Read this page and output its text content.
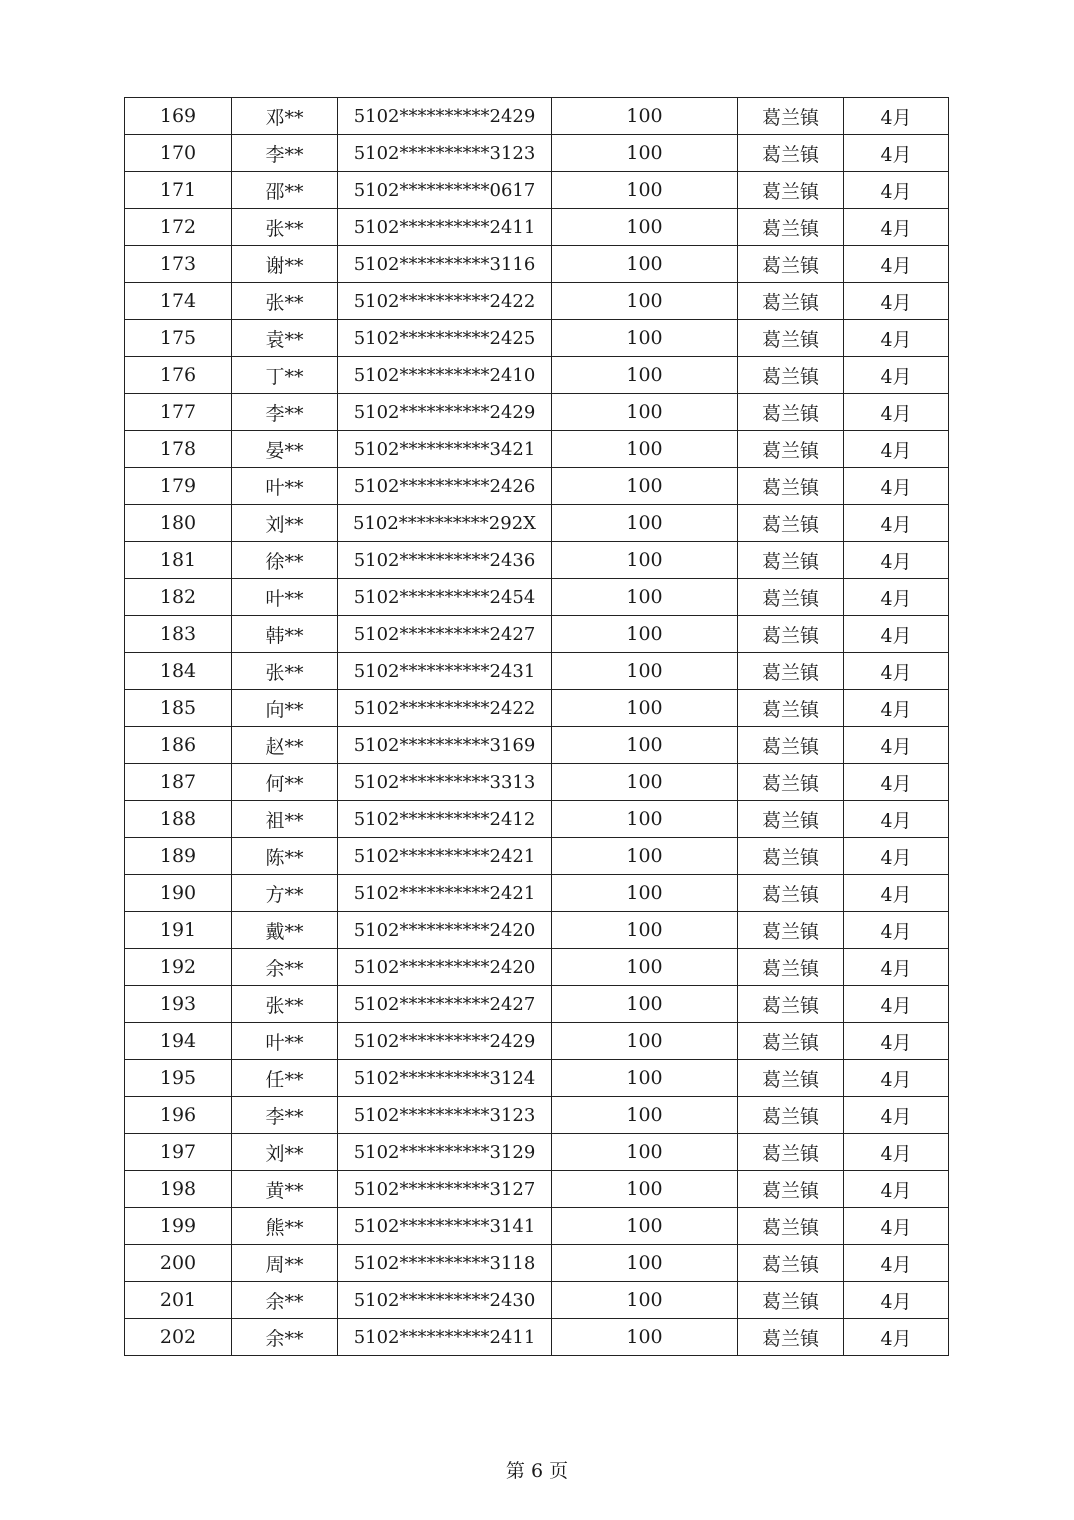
169	邓**	5102**********2429	100	葛兰镇	4月
170	李**	5102**********3123	100	葛兰镇	4月
171	邵**	5102**********0617	100	葛兰镇	4月
172	张**	5102**********2411	100	葛兰镇	4月
173	谢**	5102**********3116	100	葛兰镇	4月
174	张**	5102**********2422	100	葛兰镇	4月
175	袁**	5102**********2425	100	葛兰镇	4月
176	丁**	5102**********2410	100	葛兰镇	4月
177	李**	5102**********2429	100	葛兰镇	4月
178	晏**	5102**********3421	100	葛兰镇	4月
179	叶**	5102**********2426	100	葛兰镇	4月
180	刘**	5102**********292X	100	葛兰镇	4月
181	徐**	5102**********2436	100	葛兰镇	4月
182	叶**	5102**********2454	100	葛兰镇	4月
183	韩**	5102**********2427	100	葛兰镇	4月
184	张**	5102**********2431	100	葛兰镇	4月
185	向**	5102**********2422	100	葛兰镇	4月
186	赵**	5102**********3169	100	葛兰镇	4月
187	何**	5102**********3313	100	葛兰镇	4月
188	祖**	5102**********2412	100	葛兰镇	4月
189	陈**	5102**********2421	100	葛兰镇	4月
190	方**	5102**********2421	100	葛兰镇	4月
191	戴**	5102**********2420	100	葛兰镇	4月
192	余**	5102**********2420	100	葛兰镇	4月
193	张**	5102**********2427	100	葛兰镇	4月
194	叶**	5102**********2429	100	葛兰镇	4月
195	任**	5102**********3124	100	葛兰镇	4月
196	李**	5102**********3123	100	葛兰镇	4月
197	刘**	5102**********3129	100	葛兰镇	4月
198	黄**	5102**********3127	100	葛兰镇	4月
199	熊**	5102**********3141	100	葛兰镇	4月
200	周**	5102**********3118	100	葛兰镇	4月
201	余**	5102**********2430	100	葛兰镇	4月
202	余**	5102**********2411	100	葛兰镇	4月
第 6 页
